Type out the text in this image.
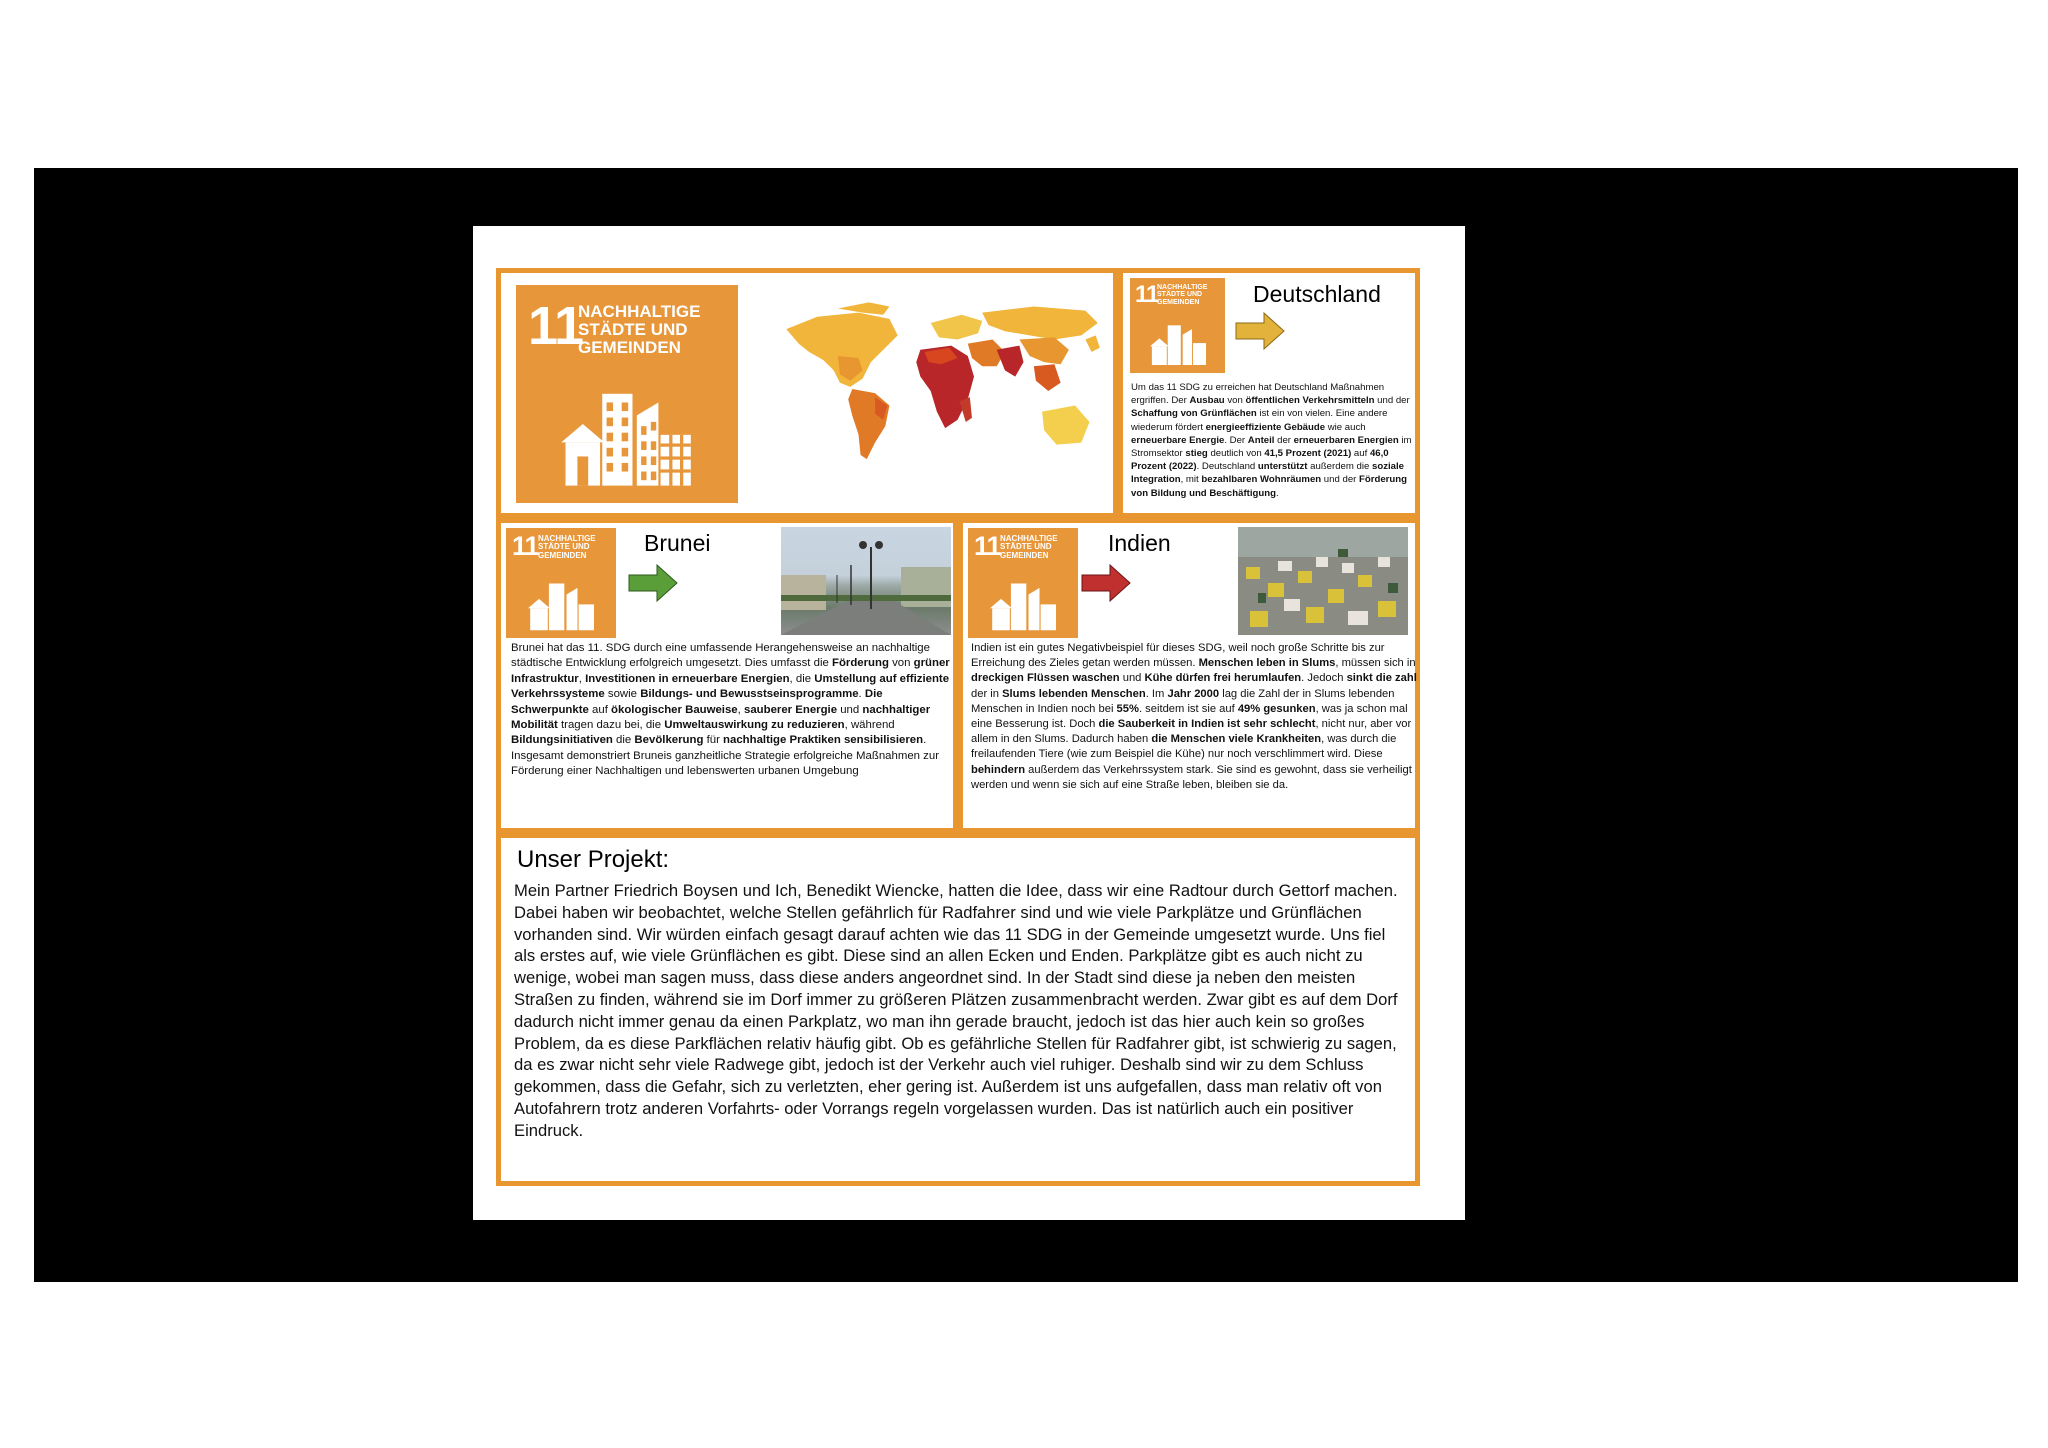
11
NACHHALTIGE
STÄDTE UND
GEMEINDEN
11
NACHHALTIGE
STÄDTE UND
GEMEINDEN	Deutschland
Um das 11 SDG zu erreichen hat Deutschland Maßnahmen ergriffen. Der Ausbau von öffentlichen Verkehrsmitteln und der Schaffung von Grünflächen ist ein von vielen. Eine andere wiederum fördert energieeffiziente Gebäude wie auch erneuerbare Energie. Der Anteil der erneuerbaren Energien im Stromsektor stieg deutlich von 41,5 Prozent (2021) auf 46,0 Prozent (2022). Deutschland unterstützt außerdem die soziale Integration, mit bezahlbaren Wohnräumen und der Förderung von Bildung und Beschäftigung.
11 NACHHALTIGE
STÄDTE UND
GEMEINDEN	Brunei
Brunei hat das 11. SDG durch eine umfassende Herangehensweise an nachhaltige städtische Entwicklung erfolgreich umgesetzt. Dies umfasst die Förderung von grüner Infrastruktur, Investitionen in erneuerbare Energien, die Umstellung auf effiziente Verkehrssysteme sowie Bildungs- und Bewusstseinsprogramme. Die Schwerpunkte auf ökologischer Bauweise, sauberer Energie und nachhaltiger Mobilität tragen dazu bei, die Umweltauswirkung zu reduzieren, während Bildungsinitiativen die Bevölkerung für nachhaltige Praktiken sensibilisieren. Insgesamt demonstriert Bruneis ganzheitliche Strategie erfolgreiche Maßnahmen zur Förderung einer Nachhaltigen und lebenswerten urbanen Umgebung
11 NACHHALTIGE
STÄDTE UND
GEMEINDEN	Indien
Indien ist ein gutes Negativbeispiel für dieses SDG, weil noch große Schritte bis zur Erreichung des Zieles getan werden müssen. Menschen leben in Slums, müssen sich in dreckigen Flüssen waschen und Kühe dürfen frei herumlaufen. Jedoch sinkt die zahl der in Slums lebenden Menschen. Im Jahr 2000 lag die Zahl der in Slums lebenden Menschen in Indien noch bei 55%. seitdem ist sie auf 49% gesunken, was ja schon mal eine Besserung ist. Doch die Sauberkeit in Indien ist sehr schlecht, nicht nur, aber vor allem in den Slums. Dadurch haben die Menschen viele Krankheiten, was durch die freilaufenden Tiere (wie zum Beispiel die Kühe) nur noch verschlimmert wird. Diese behindern außerdem das Verkehrssystem stark. Sie sind es gewohnt, dass sie verheiligt werden und wenn sie sich auf eine Straße leben, bleiben sie da.
Unser Projekt:
Mein Partner Friedrich Boysen und Ich, Benedikt Wiencke, hatten die Idee, dass wir eine Radtour durch Gettorf machen. Dabei haben wir beobachtet, welche Stellen gefährlich für Radfahrer sind und wie viele Parkplätze und Grünflächen vorhanden sind. Wir würden einfach gesagt darauf achten wie das 11 SDG in der Gemeinde umgesetzt wurde. Uns fiel als erstes auf, wie viele Grünflächen es gibt. Diese sind an allen Ecken und Enden. Parkplätze gibt es auch nicht zu wenige, wobei man sagen muss, dass diese anders angeordnet sind. In der Stadt sind diese ja neben den meisten Straßen zu finden, während sie im Dorf immer zu größeren Plätzen zusammenbracht werden. Zwar gibt es auf dem Dorf dadurch nicht immer genau da einen Parkplatz, wo man ihn gerade braucht, jedoch ist das hier auch kein so großes Problem, da es diese Parkflächen relativ häufig gibt. Ob es gefährliche Stellen für Radfahrer gibt, ist schwierig zu sagen, da es zwar nicht sehr viele Radwege gibt, jedoch ist der Verkehr auch viel ruhiger. Deshalb sind wir zu dem Schluss gekommen, dass die Gefahr, sich zu verletzten, eher gering ist. Außerdem ist uns aufgefallen, dass man relativ oft von Autofahrern trotz anderen Vorfahrts- oder Vorrangs regeln vorgelassen wurden. Das ist natürlich auch ein positiver Eindruck.
